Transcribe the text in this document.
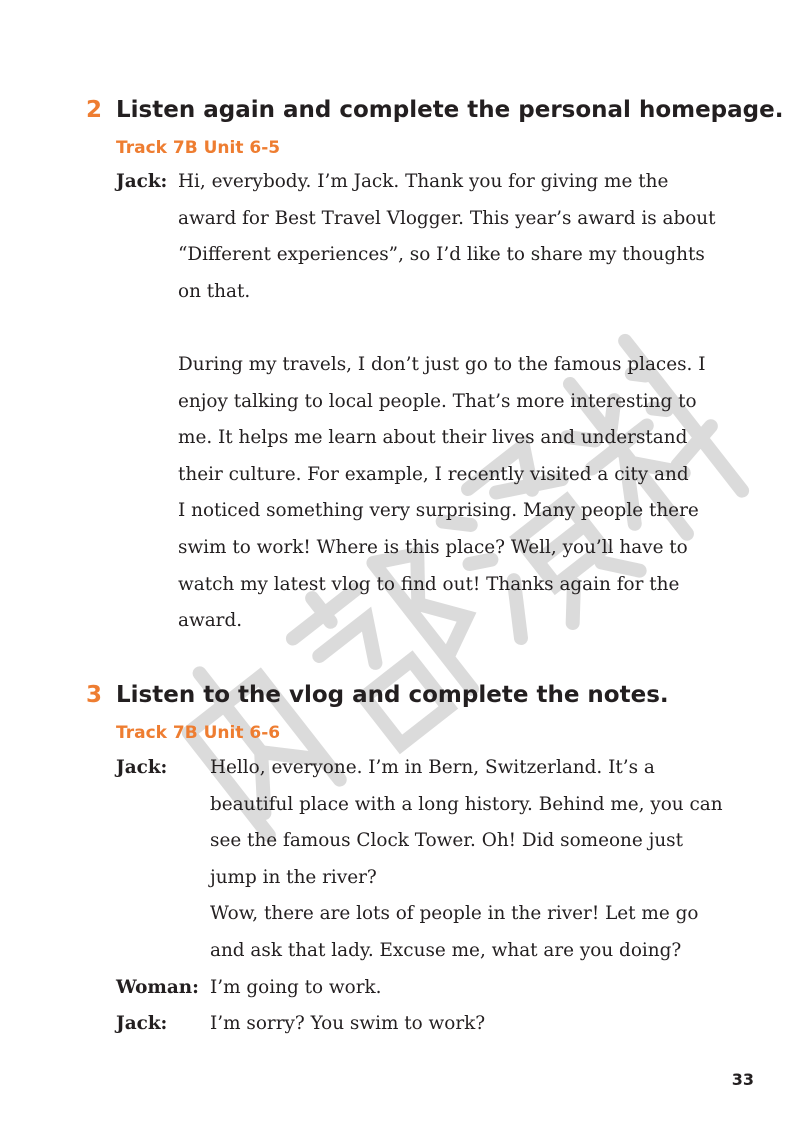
2 Listen again and complete the personal homepage.
Track 7B Unit 6-5
Jack: Hi, everybody. I’m Jack. Thank you for giving me the
award for Best Travel Vlogger. This year’s award is about
“Different experiences”, so I’d like to share my thoughts
on that.
During my travels, I don’t just go to the famous places. I
enjoy talking to local people. That’s more interesting to
me. It helps me learn about their lives and understand
their culture. For example, I recently visited a city and
I noticed something very surprising. Many people there
swim to work! Where is this place? Well, you’ll have to
watch my latest vlog to find out! Thanks again for the
award.
3 Listen to the vlog and complete the notes.
Track 7B Unit 6-6
Jack:	Hello, everyone. I’m in Bern, Switzerland. It’s a
beautiful place with a long history. Behind me, you can
see the famous Clock Tower. Oh! Did someone just
jump in the river?
Wow, there are lots of people in the river! Let me go
and ask that lady. Excuse me, what are you doing?
Woman: I’m going to work.
Jack:	I’m sorry? You swim to work?
33
